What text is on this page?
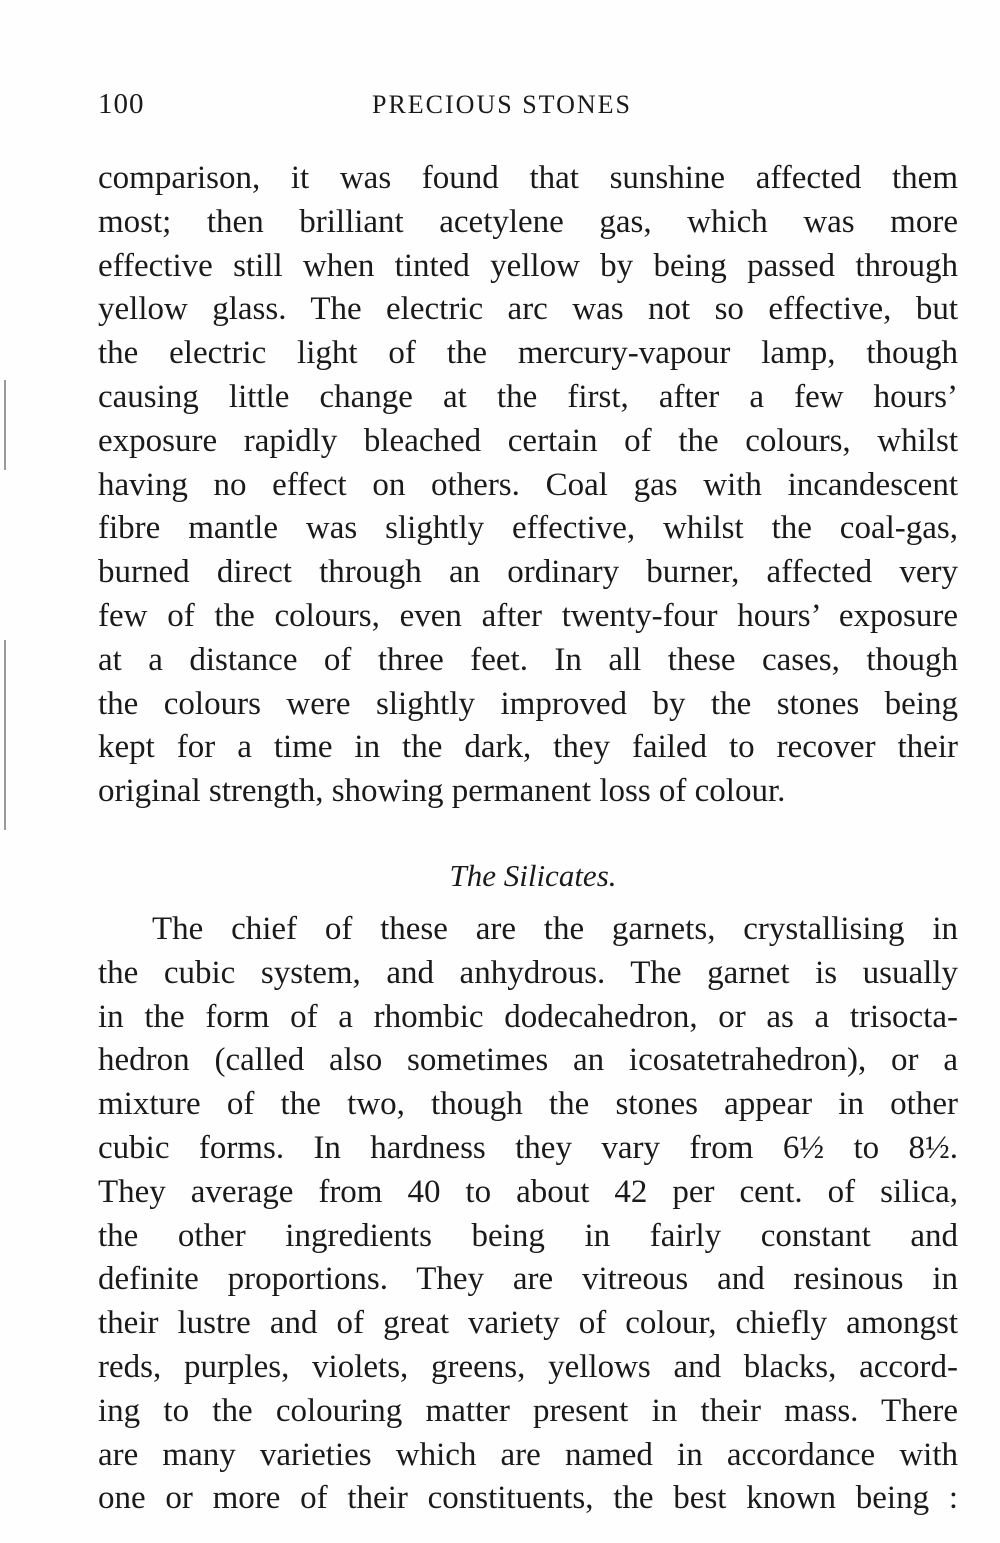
100	PRECIOUS STONES
comparison, it was found that sunshine affected them
most; then brilliant acetylene gas, which was more
effective still when tinted yellow by being passed through
yellow glass. The electric arc was not so effective, but
the electric light of the mercury-vapour lamp, though
causing little change at the first, after a few hours’
exposure rapidly bleached certain of the colours, whilst
having no effect on others. Coal gas with incandescent
fibre mantle was slightly effective, whilst the coal-gas,
burned direct through an ordinary burner, affected very
few of the colours, even after twenty-four hours’ exposure
at a distance of three feet. In all these cases, though
the colours were slightly improved by the stones being
kept for a time in the dark, they failed to recover their
original strength, showing permanent loss of colour.
The Silicates.
The chief of these are the garnets, crystallising in
the cubic system, and anhydrous. The garnet is usually
in the form of a rhombic dodecahedron, or as a trisocta-
hedron (called also sometimes an icosatetrahedron), or a
mixture of the two, though the stones appear in other
cubic forms. In hardness they vary from 6½ to 8½.
They average from 40 to about 42 per cent. of silica,
the other ingredients being in fairly constant and
definite proportions. They are vitreous and resinous in
their lustre and of great variety of colour, chiefly amongst
reds, purples, violets, greens, yellows and blacks, accord-
ing to the colouring matter present in their mass. There
are many varieties which are named in accordance with
one or more of their constituents, the best known being :
